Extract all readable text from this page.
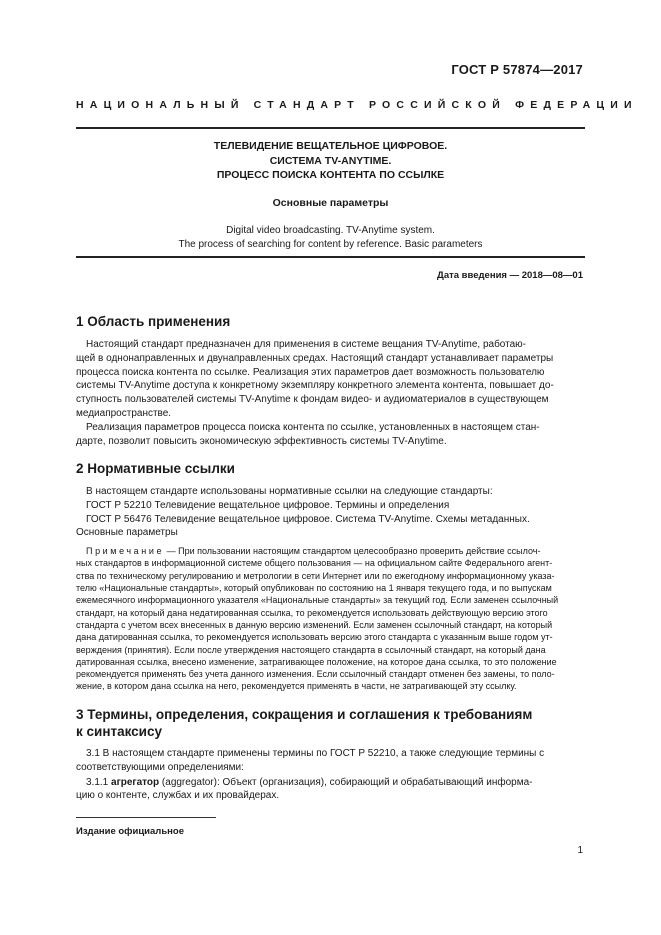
ГОСТ Р 57874—2017
НАЦИОНАЛЬНЫЙ СТАНДАРТ РОССИЙСКОЙ ФЕДЕРАЦИИ
ТЕЛЕВИДЕНИЕ ВЕЩАТЕЛЬНОЕ ЦИФРОВОЕ.
СИСТЕМА TV-ANYTIME.
ПРОЦЕСС ПОИСКА КОНТЕНТА ПО ССЫЛКЕ
Основные параметры
Digital video broadcasting. TV-Anytime system.
The process of searching for content by reference. Basic parameters
Дата введения — 2018—08—01
1 Область применения
Настоящий стандарт предназначен для применения в системе вещания TV-Anytime, работаю-
щей в однонаправленных и двунаправленных средах. Настоящий стандарт устанавливает параметры
процесса поиска контента по ссылке. Реализация этих параметров дает возможность пользователю
системы TV-Anytime доступа к конкретному экземпляру конкретного элемента контента, повышает до-
ступность пользователей системы TV-Anytime к фондам видео- и аудиоматериалов в существующем
медиапространстве.
Реализация параметров процесса поиска контента по ссылке, установленных в настоящем стан-
дарте, позволит повысить экономическую эффективность системы TV-Anytime.
2 Нормативные ссылки
В настоящем стандарте использованы нормативные ссылки на следующие стандарты:
ГОСТ Р 52210 Телевидение вещательное цифровое. Термины и определения
ГОСТ Р 56476 Телевидение вещательное цифровое. Система TV-Anytime. Схемы метаданных.
Основные параметры
Примечание — При пользовании настоящим стандартом целесообразно проверить действие ссылоч-
ных стандартов в информационной системе общего пользования — на официальном сайте Федерального агент-
ства по техническому регулированию и метрологии в сети Интернет или по ежегодному информационному указа-
телю «Национальные стандарты», который опубликован по состоянию на 1 января текущего года, и по выпускам
ежемесячного информационного указателя «Национальные стандарты» за текущий год. Если заменен ссылочный
стандарт, на который дана недатированная ссылка, то рекомендуется использовать действующую версию этого
стандарта с учетом всех внесенных в данную версию изменений. Если заменен ссылочный стандарт, на который
дана датированная ссылка, то рекомендуется использовать версию этого стандарта с указанным выше годом ут-
верждения (принятия). Если после утверждения настоящего стандарта в ссылочный стандарт, на который дана
датированная ссылка, внесено изменение, затрагивающее положение, на которое дана ссылка, то это положение
рекомендуется применять без учета данного изменения. Если ссылочный стандарт отменен без замены, то поло-
жение, в котором дана ссылка на него, рекомендуется применять в части, не затрагивающей эту ссылку.
3 Термины, определения, сокращения и соглашения к требованиям
к синтаксису
3.1 В настоящем стандарте применены термины по ГОСТ Р 52210, а также следующие термины с
соответствующими определениями:
3.1.1 агрегатор (aggregator): Объект (организация), собирающий и обрабатывающий информа-
цию о контенте, службах и их провайдерах.
Издание официальное
1
